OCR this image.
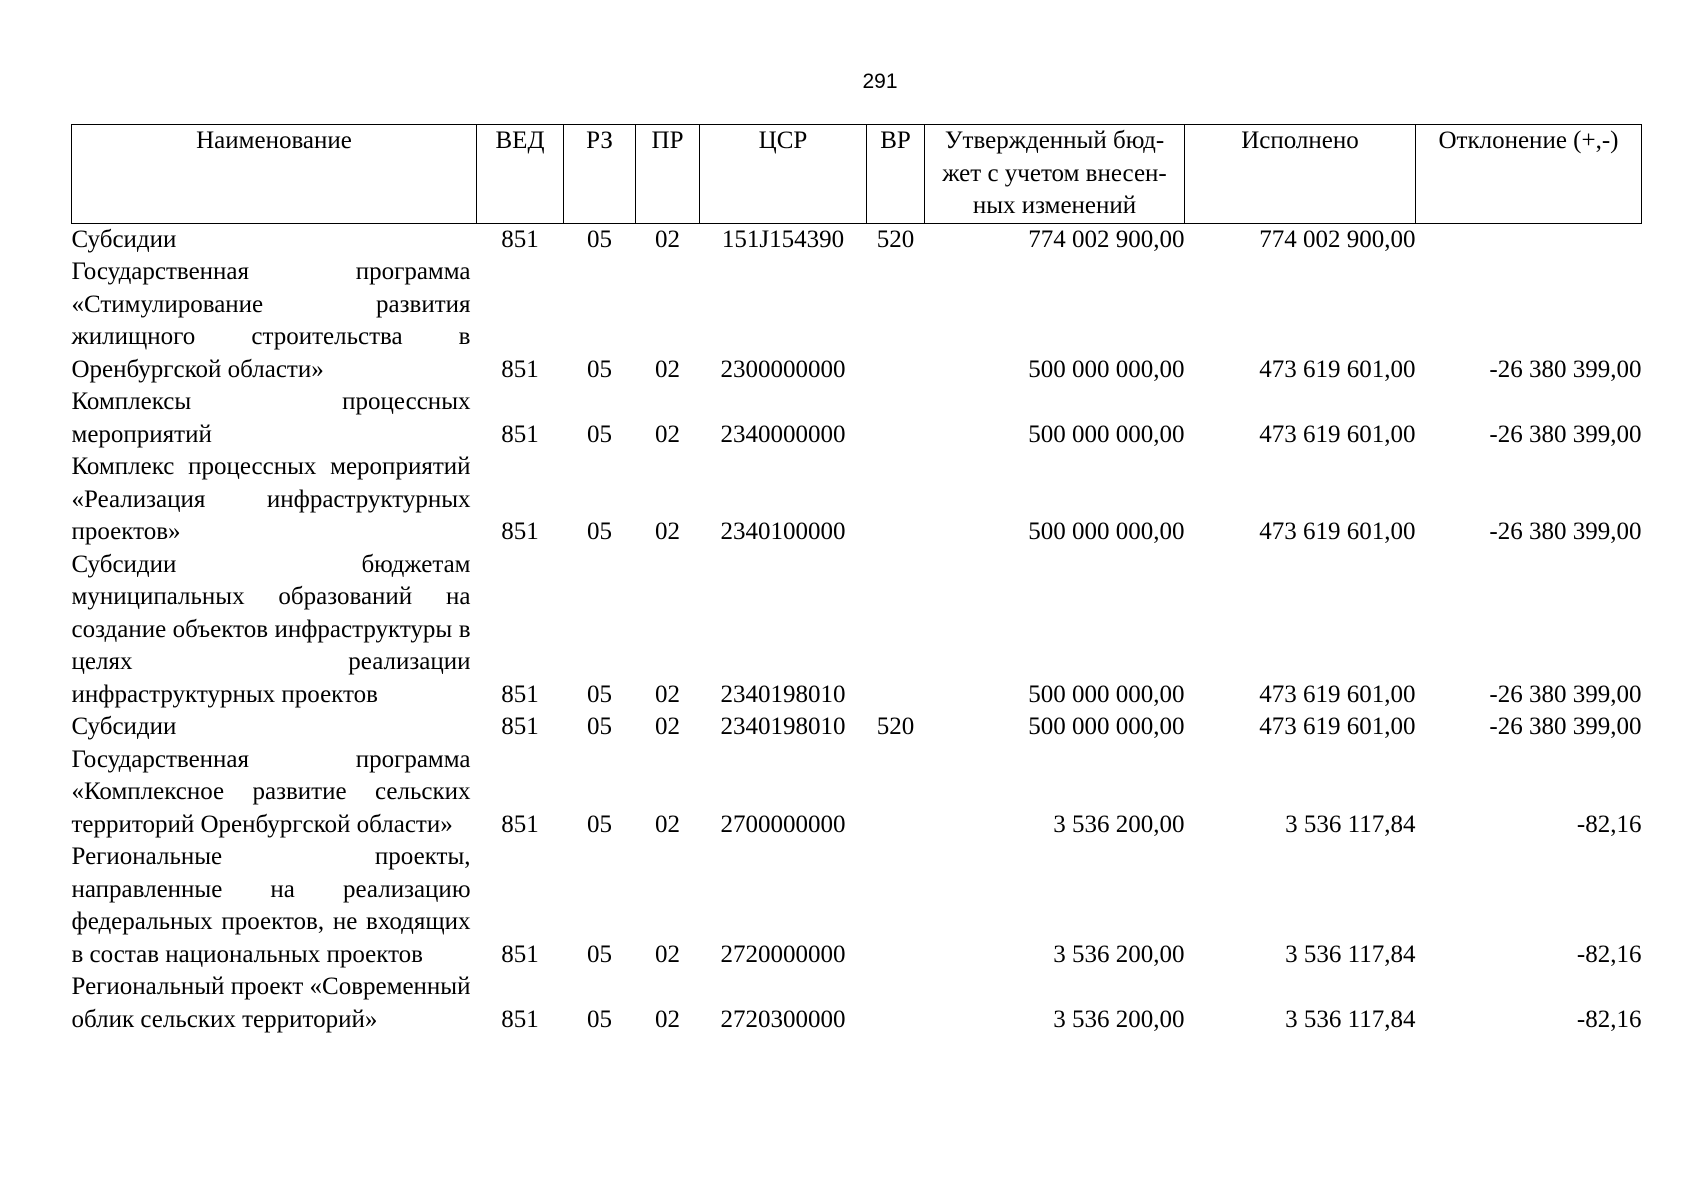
291
Наименование	ВЕД	РЗ	ПР	ЦСР	ВР	Утвержденный бюд-жет с учетом внесен-ных изменений	Исполнено	Отклонение (+,-)
Субсидии	851	05	02	151J154390	520	774 002 900,00	774 002 900,00	
Государственная программа «Стимулирование развития жилищного строительства в Оренбургской области»	851	05	02	2300000000		500 000 000,00	473 619 601,00	-26 380 399,00
Комплексы процессных мероприятий	851	05	02	2340000000		500 000 000,00	473 619 601,00	-26 380 399,00
Комплекс процессных мероприятий «Реализация инфраструктурных проектов»	851	05	02	2340100000		500 000 000,00	473 619 601,00	-26 380 399,00
Субсидии бюджетам муниципальных образований на создание объектов инфраструктуры в целях реализации инфраструктурных проектов	851	05	02	2340198010		500 000 000,00	473 619 601,00	-26 380 399,00
Субсидии	851	05	02	2340198010	520	500 000 000,00	473 619 601,00	-26 380 399,00
Государственная программа «Комплексное развитие сельских территорий Оренбургской области»	851	05	02	2700000000		3 536 200,00	3 536 117,84	-82,16
Региональные проекты, направленные на реализацию федеральных проектов, не входящих в состав национальных проектов	851	05	02	2720000000		3 536 200,00	3 536 117,84	-82,16
Региональный проект «Современный облик сельских территорий»	851	05	02	2720300000		3 536 200,00	3 536 117,84	-82,16
